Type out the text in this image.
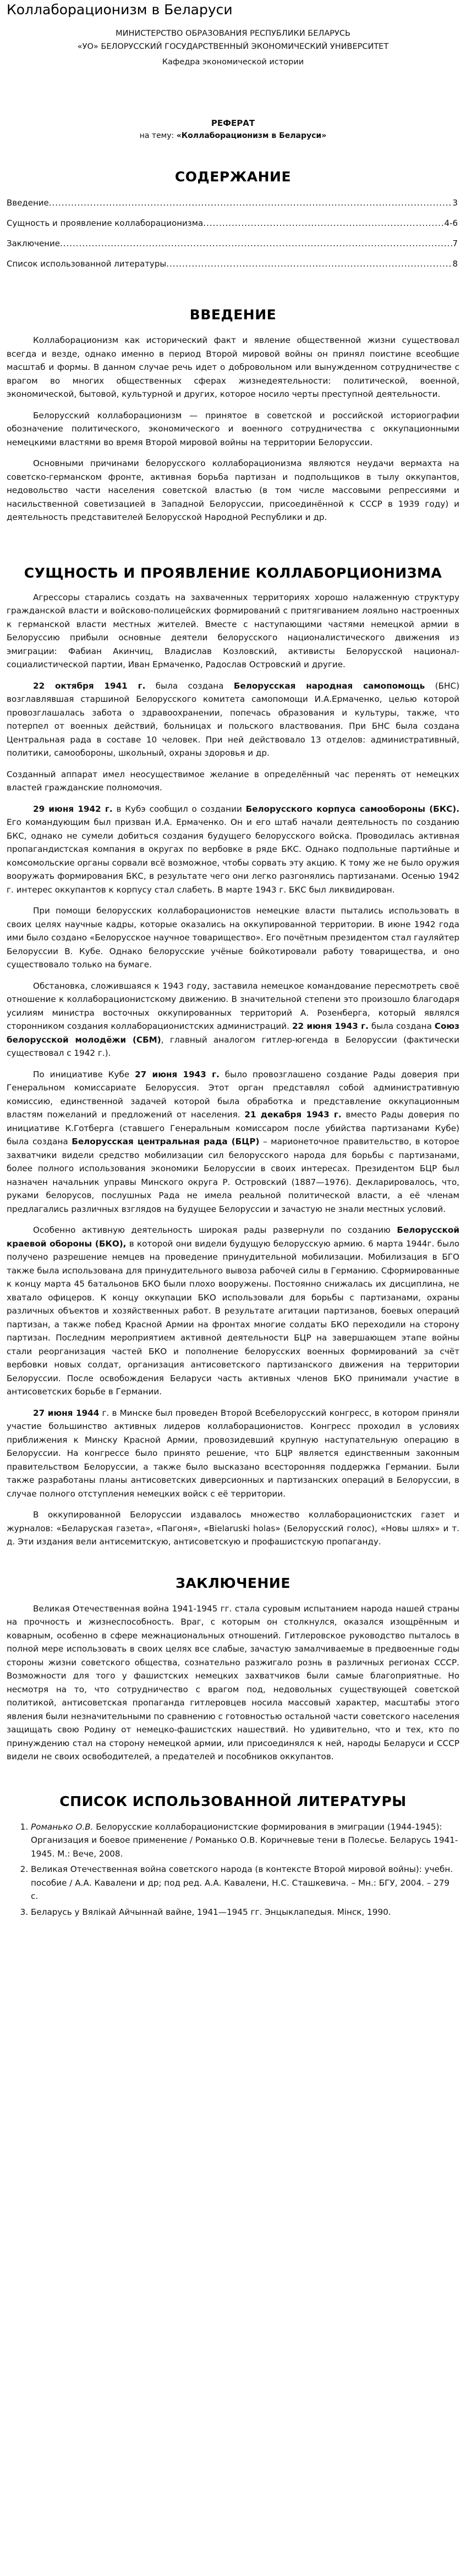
Коллаборационизм в Беларуси
МИНИСТЕРСТВО ОБРАЗОВАНИЯ РЕСПУБЛИКИ БЕЛАРУСЬ
«УО» БЕЛОРУССКИЙ ГОСУДАРСТВЕННЫЙ ЭКОНОМИЧЕСКИЙ УНИВЕРСИТЕТ
Кафедра экономической истории
РЕФЕРАТ
на тему: «Коллаборационизм в Беларуси»
СОДЕРЖАНИЕ
Введение .....	3
Сущность и проявление коллаборационизма .....	4-6
Заключение .....	7
Список использованной литературы .....	8
ВВЕДЕНИЕ

Коллаборационизм как исторический факт и явление общественной жизни существовал всегда и везде, однако именно в период Второй мировой войны он принял поистине всеобщие масштаб и формы. В данном случае речь идет о добровольном или вынужденном сотрудничестве с врагом во многих общественных сферах жизнедеятельности: политической, военной, экономической, бытовой, культурной и других, которое носило черты преступной деятельности.

Белорусский коллаборационизм — принятое в советской и российской историографии обозначение политического, экономического и военного сотрудничества с оккупационными немецкими властями во время Второй мировой войны на территории Белоруссии.

Основными причинами белорусского коллаборационизма являются неудачи вермахта на советско-германском фронте, активная борьба партизан и подпольщиков в тылу оккупантов, недовольство части населения советской властью (в том числе массовыми репрессиями и насильственной советизацией в Западной Белоруссии, присоединённой к СССР в 1939 году) и деятельность представителей Белорусской Народной Республики и др.

СУЩНОСТЬ И ПРОЯВЛЕНИЕ КОЛЛАБОРЦИОНИЗМА

Агрессоры старались создать на захваченных территориях хорошо налаженную структуру гражданской власти и войсково-полицейских формирований с притягиванием лояльно настроенных к германской власти местных жителей. Вместе с наступающими частями немецкой армии в Белоруссию прибыли основные деятели белорусского националистического движения из эмиграции: Фабиан Акинчиц, Владислав Козловский, активисты Белорусской национал-социалистической партии, Иван Ермаченко, Радослав Островский и другие.

22 октября 1941 г. была создана Белорусская народная самопомощь (БНС) возглавлявшая старшиной Белорусского комитета самопомощи И.А.Ермаченко, целью которой провозглашалась забота о здравоохранении, попечась образования и культуры, также, что потерпел от военных действий, больницах и польского властвования. При БНС была создана Центральная рада в составе 10 человек. При ней действовало 13 отделов: административный, политики, самообороны, школьный, охраны здоровья и др.

Созданный аппарат имел неосуществимое желание в определённый час перенять от немецких властей гражданские полномочия.

29 июня 1942 г. в Кубэ сообщил о создании Белорусского корпуса самообороны (БКС). Его командующим был призван И.А. Ермаченко. Он и его штаб начали деятельность по созданию БКС, однако не сумели добиться создания будущего белорусского войска. Проводилась активная пропагандистская компания в округах по вербовке в ряде БКС. Однако подпольные партийные и комсомольские органы сорвали всё возможное, чтобы сорвать эту акцию. К тому же не было оружия вооружать формирования БКС, в результате чего они легко разгонялись партизанами. Осенью 1942 г. интерес оккупантов к корпусу стал слабеть. В марте 1943 г. БКС был ликвидирован.

При помощи белорусских коллаборационистов немецкие власти пытались использовать в своих целях научные кадры, которые оказались на оккупированной территории. В июне 1942 года ими было создано «Белорусское научное товарищество». Его почётным президентом стал гауляйтер Белоруссии В. Кубе. Однако белорусские учёные бойкотировали работу товарищества, и оно существовало только на бумаге.

Обстановка, сложившаяся к 1943 году, заставила немецкое командование пересмотреть своё отношение к коллаборационистскому движению. В значительной степени это произошло благодаря усилиям министра восточных оккупированных территорий А. Розенберга, который являлся сторонником создания коллаборационистских администраций. 22 июня 1943 г. была создана Союз белорусской молодёжи (СБМ), главный аналогом гитлер-югенда в Белоруссии (фактически существовал с 1942 г.).

По инициативе Кубе 27 июня 1943 г. было провозглашено создание Рады доверия при Генеральном комиссариате Белоруссия. Этот орган представлял собой административную комиссию, единственной задачей которой была обработка и представление оккупационным властям пожеланий и предложений от населения. 21 декабря 1943 г. вместо Рады доверия по инициативе К.Готберга (ставшего Генеральным комиссаром после убийства партизанами Кубе) была создана Белорусская центральная рада (БЦР) – марионеточное правительство, в которое захватчики видели средство мобилизации сил белорусского народа для борьбы с партизанами, более полного использования экономики Белоруссии в своих интересах. Президентом БЦР был назначен начальник управы Минского округа Р. Островский (1887—1976). Декларировалось, что, руками белорусов, послушных Рада не имела реальной политической власти, а её членам предлагались различных взглядов на будущее Белоруссии и зачастую не знали местных условий.

Особенно активную деятельность широкая рады развернули по созданию Белорусской краевой обороны (БКО), в которой они видели будущую белорусскую армию. 6 марта 1944г. было получено разрешение немцев на проведение принудительной мобилизации. Мобилизация в БГО также была использована для принудительного вывоза рабочей силы в Германию. Сформированные к концу марта 45 батальонов БКО были плохо вооружены. Постоянно снижалась их дисциплина, не хватало офицеров. К концу оккупации БКО использовали для борьбы с партизанами, охраны различных объектов и хозяйственных работ. В результате агитации партизанов, боевых операций партизан, а также побед Красной Армии на фронтах многие солдаты БКО переходили на сторону партизан. Последним мероприятием активной деятельности БЦР на завершающем этапе войны стали реорганизация частей БКО и пополнение белорусских военных формирований за счёт вербовки новых солдат, организация антисоветского партизанского движения на территории Белоруссии. После освобождения Беларуси часть активных членов БКО принимали участие в антисоветских борьбе в Германии.

27 июня 1944 г. в Минске был проведен Второй Всебелорусский конгресс, в котором приняли участие большинство активных лидеров коллаборационистов. Конгресс проходил в условиях приближения к Минску Красной Армии, провозидевший крупную наступательную операцию в Белоруссии. На конгрессе было принято решение, что БЦР является единственным законным правительством Белоруссии, а также было высказано всесторонняя поддержка Германии. Были также разработаны планы антисоветских диверсионных и партизанских операций в Белоруссии, в случае полного отступления немецких войск с её территории.

В оккупированной Белоруссии издавалось множество коллаборационистских газет и журналов: «Беларуская газета», «Пагоня», «Bielaruski holas» (Белорусский голос), «Новы шлях» и т. д. Эти издания вели антисемитскую, антисоветскую и профашистскую пропаганду.

ЗАКЛЮЧЕНИЕ

Великая Отечественная война 1941-1945 гг. стала суровым испытанием народа нашей страны на прочность и жизнеспособность. Враг, с которым он столкнулся, оказался изощрённым и коварным, особенно в сфере межнациональных отношений. Гитлеровское руководство пыталось в полной мере использовать в своих целях все слабые, зачастую замалчиваемые в предвоенные годы стороны жизни советского общества, сознательно разжигало рознь в различных регионах СССР. Возможности для того у фашистских немецких захватчиков были самые благоприятные. Но несмотря на то, что сотрудничество с врагом под, недовольных существующей советской политикой, антисоветская пропаганда гитлеровцев носила массовый характер, масштабы этого явления были незначительными по сравнению с готовностью остальной части советского населения защищать свою Родину от немецко-фашистских нашествий. Но удивительно, что и тех, кто по принуждению стал на сторону немецкой армии, или присоединялся к ней, народы Беларуси и СССР видели не своих освободителей, а предателей и пособников оккупантов.

СПИСОК ИСПОЛЬЗОВАННОЙ ЛИТЕРАТУРЫ
1. Романько О.В. Белорусские коллаборационистские формирования в эмиграции (1944-1945): Организация и боевое применение / Романько О.В. Коричневые тени в Полесье. Беларусь 1941-1945. М.: Вече, 2008.
2. Великая Отечественная война советского народа (в контексте Второй мировой войны): учебн. пособие / А.А. Кавалени и др; под ред. А.А. Кавалени, Н.С. Сташкевича. – Мн.: БГУ, 2004. – 279 с.
3. Беларусь у Вялікай Айчыннай вайне, 1941—1945 гг. Энцыклапедыя. Мінск, 1990.
